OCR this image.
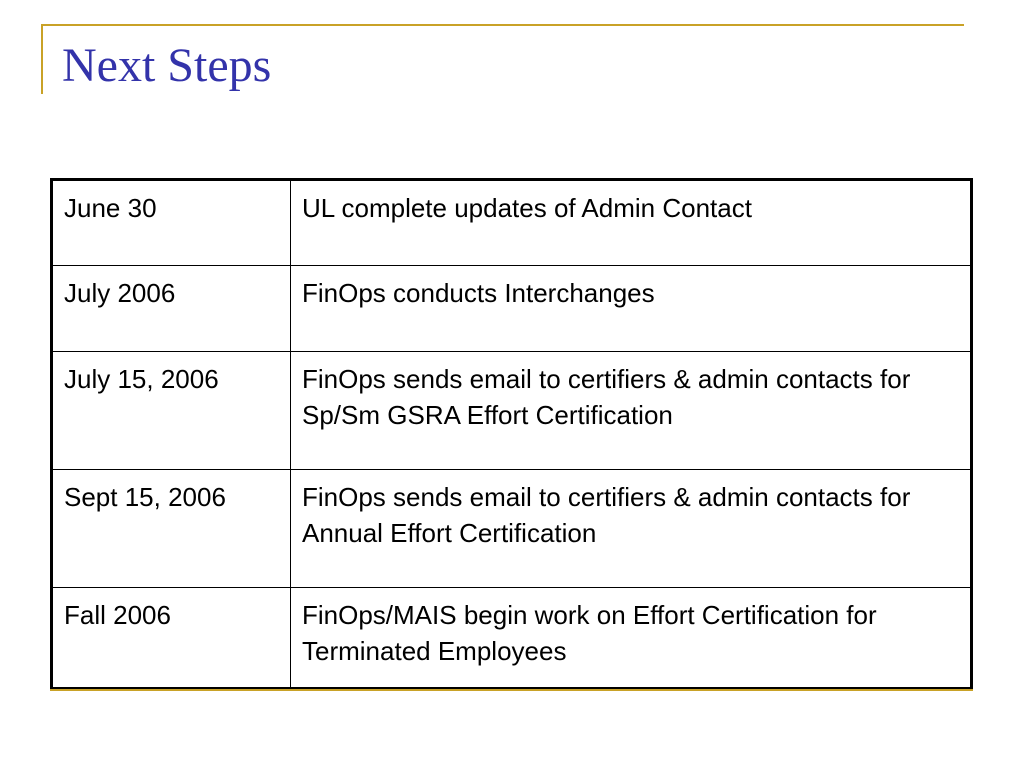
Next Steps
June 30	UL complete updates of Admin Contact
July 2006	FinOps conducts Interchanges
July 15, 2006	FinOps sends email to certifiers & admin contacts for Sp/Sm GSRA Effort Certification
Sept 15, 2006	FinOps sends email to certifiers & admin contacts for Annual Effort Certification
Fall 2006	FinOps/MAIS begin work on Effort Certification for Terminated Employees
